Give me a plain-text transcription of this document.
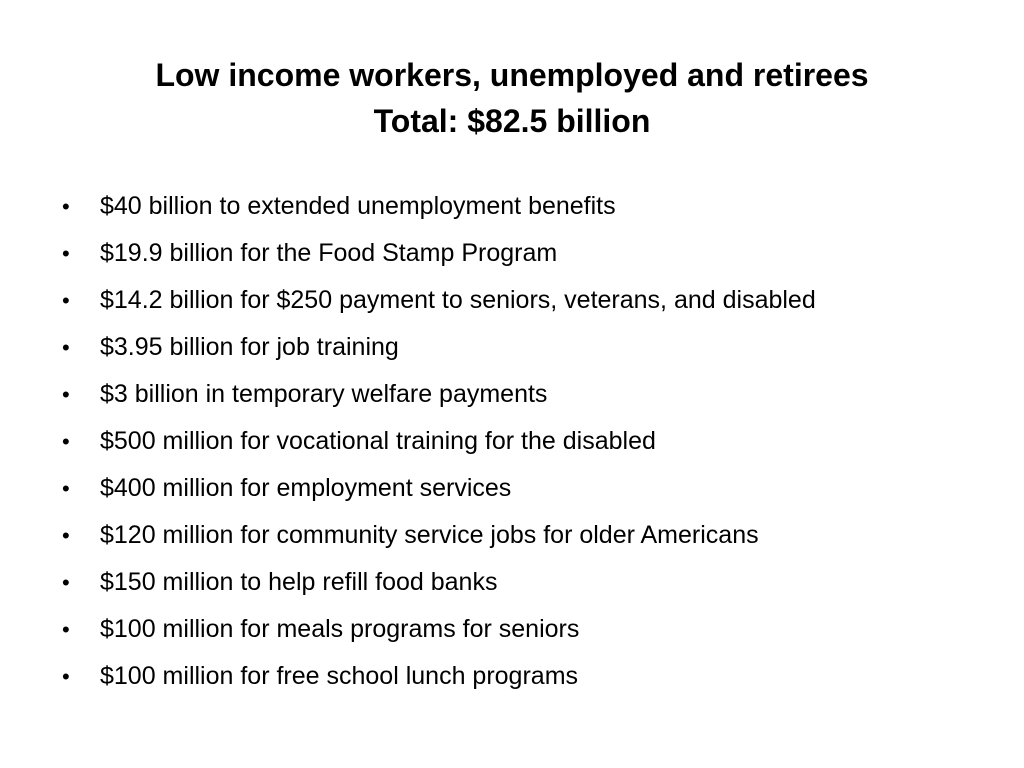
Low income workers, unemployed and retirees
Total: $82.5 billion
• $40 billion to extended unemployment benefits
• $19.9 billion for the Food Stamp Program
• $14.2 billion for $250 payment to seniors, veterans, and disabled
• $3.95 billion for job training
• $3 billion in temporary welfare payments
• $500 million for vocational training for the disabled
• $400 million for employment services
• $120 million for community service jobs for older Americans
• $150 million to help refill food banks
• $100 million for meals programs for seniors
• $100 million for free school lunch programs
